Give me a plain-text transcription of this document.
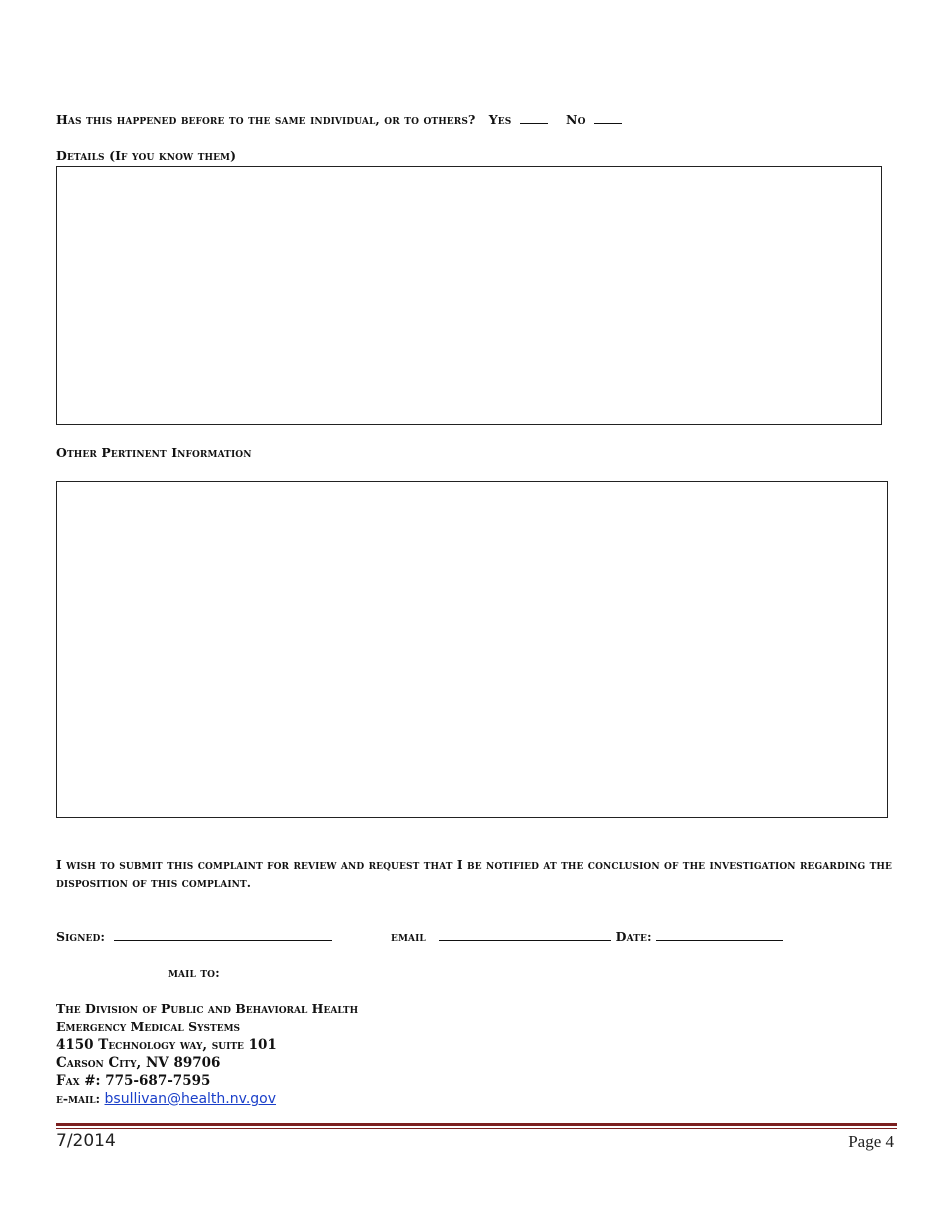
Has this happened before to the same individual, or to others? Yes	No
Details (If you know them)
Other Pertinent Information
I wish to submit this complaint for review and request that I be notified at the conclusion of the investigation regarding the disposition of this complaint.
Signed:	email	Date:
mail to:
The Division of Public and Behavioral Health
Emergency Medical Systems
4150 Technology way, suite 101
Carson City, NV 89706
Fax #: 775-687-7595
e-mail: bsullivan@health.nv.gov
7/2014	Page 4
